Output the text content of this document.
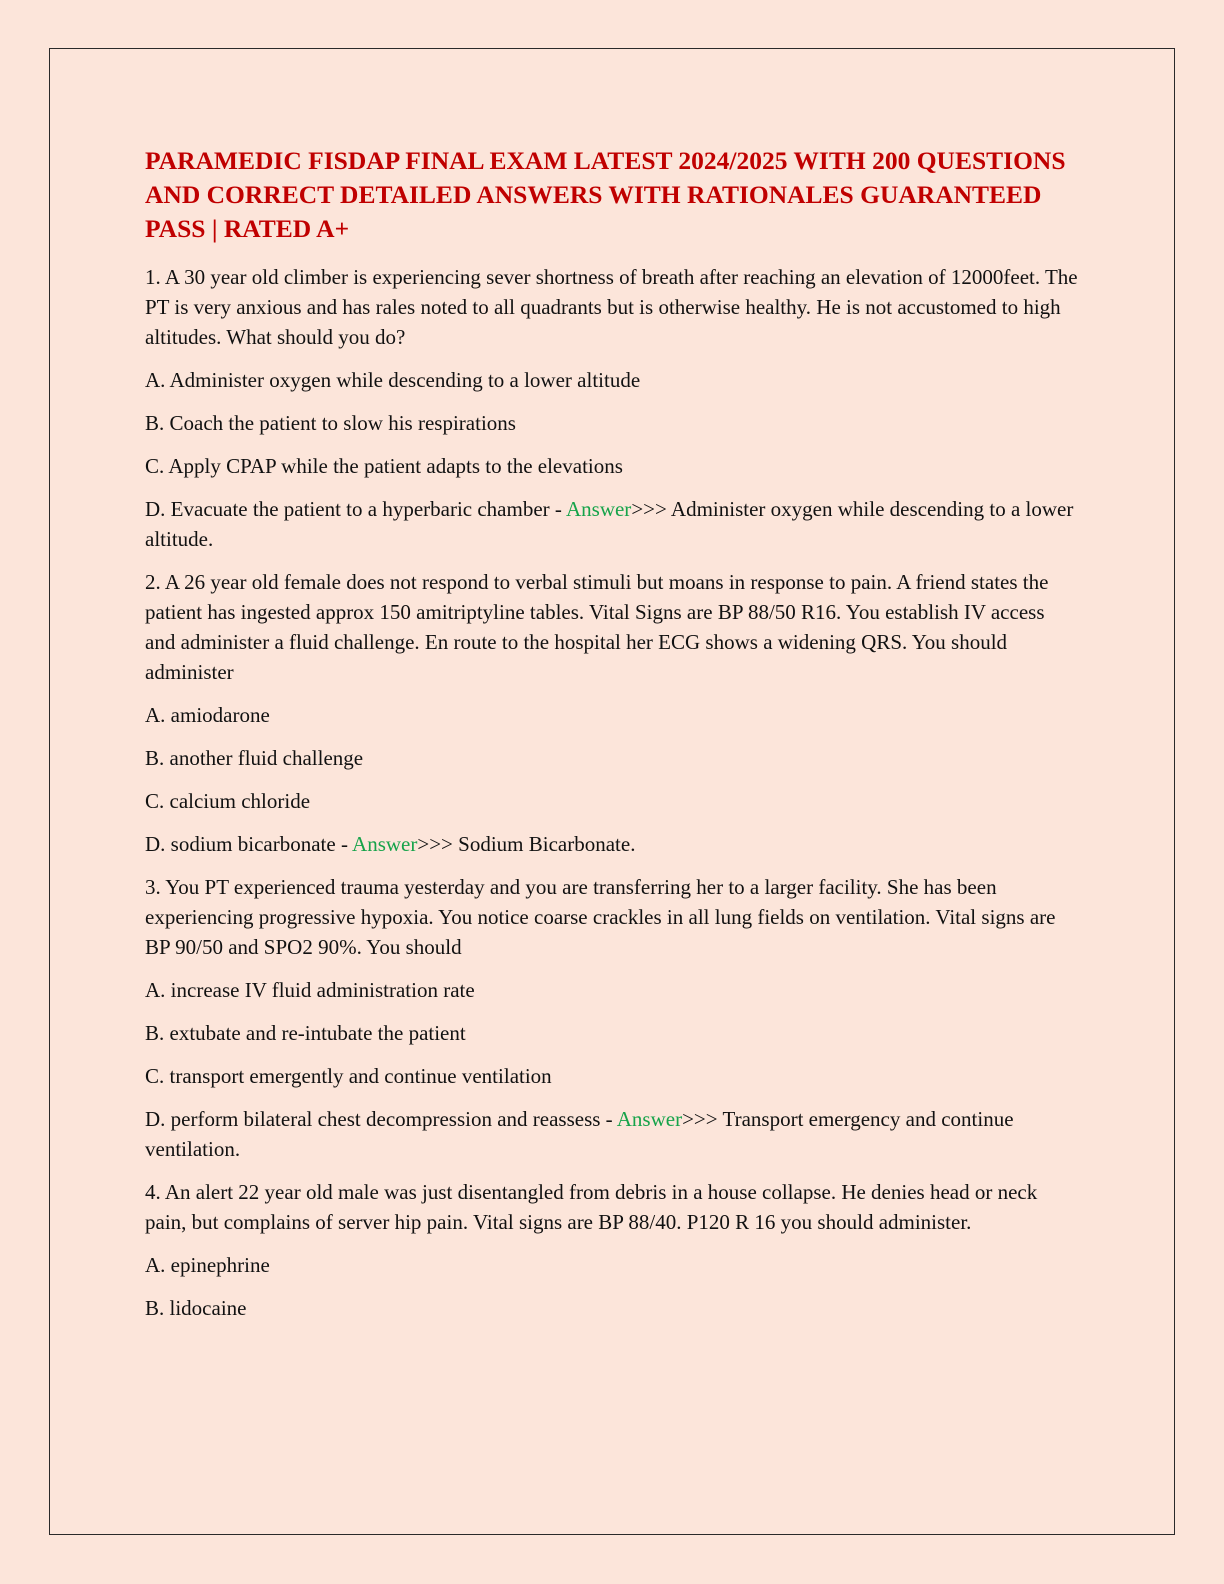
PARAMEDIC FISDAP FINAL EXAM LATEST 2024/2025 WITH 200 QUESTIONS AND CORRECT DETAILED ANSWERS WITH RATIONALES GUARANTEED PASS | RATED A+

1. A 30 year old climber is experiencing sever shortness of breath after reaching an elevation of 12000feet. The PT is very anxious and has rales noted to all quadrants but is otherwise healthy. He is not accustomed to high altitudes. What should you do?

A. Administer oxygen while descending to a lower altitude

B. Coach the patient to slow his respirations

C. Apply CPAP while the patient adapts to the elevations

D. Evacuate the patient to a hyperbaric chamber - Answer>>> Administer oxygen while descending to a lower altitude.

2. A 26 year old female does not respond to verbal stimuli but moans in response to pain. A friend states the patient has ingested approx 150 amitriptyline tables. Vital Signs are BP 88/50 R16. You establish IV access and administer a fluid challenge. En route to the hospital her ECG shows a widening QRS. You should administer

A. amiodarone

B. another fluid challenge

C. calcium chloride

D. sodium bicarbonate - Answer>>> Sodium Bicarbonate.

3. You PT experienced trauma yesterday and you are transferring her to a larger facility. She has been experiencing progressive hypoxia. You notice coarse crackles in all lung fields on ventilation. Vital signs are BP 90/50 and SPO2 90%. You should

A. increase IV fluid administration rate

B. extubate and re-intubate the patient

C. transport emergently and continue ventilation

D. perform bilateral chest decompression and reassess - Answer>>> Transport emergency and continue ventilation.

4. An alert 22 year old male was just disentangled from debris in a house collapse. He denies head or neck pain, but complains of server hip pain. Vital signs are BP 88/40. P120 R 16 you should administer.

A. epinephrine

B. lidocaine
